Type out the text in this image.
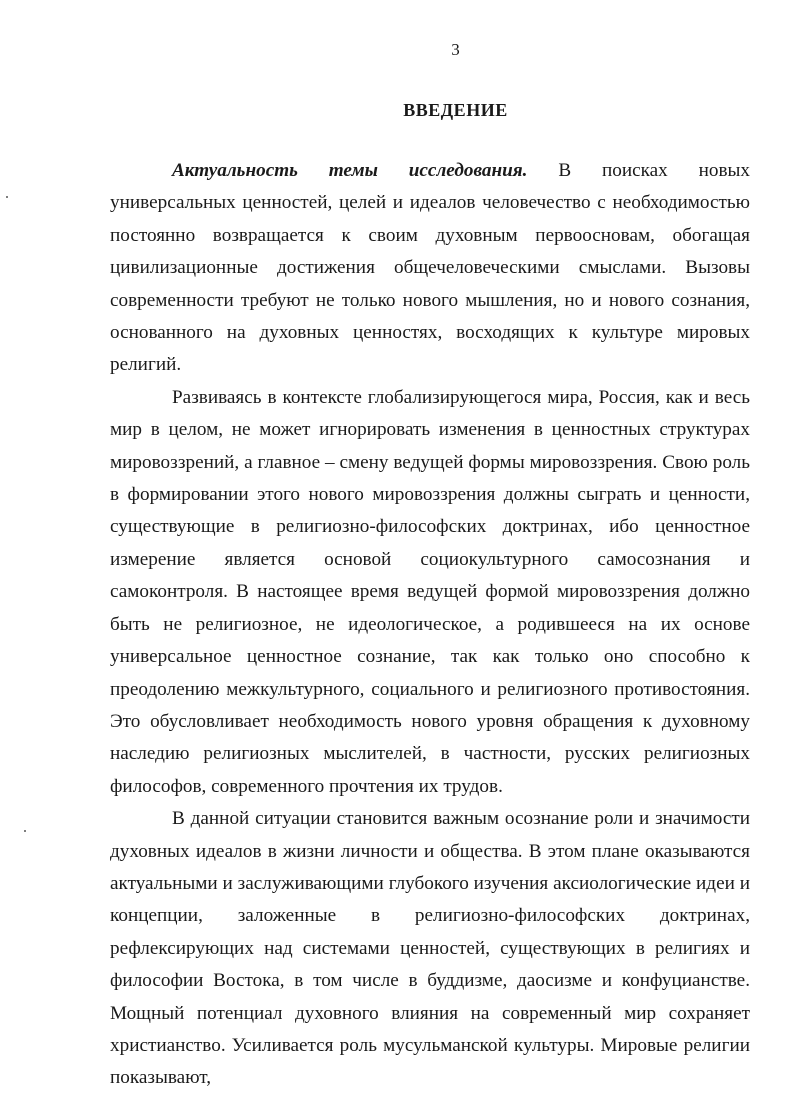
3
ВВЕДЕНИЕ

Актуальность темы исследования. В поисках новых универсальных ценностей, целей и идеалов человечество с необходимостью постоянно возвращается к своим духовным первоосновам, обогащая цивилизационные достижения общечеловеческими смыслами. Вызовы современности требуют не только нового мышления, но и нового сознания, основанного на духовных ценностях, восходящих к культуре мировых религий.

Развиваясь в контексте глобализирующегося мира, Россия, как и весь мир в целом, не может игнорировать изменения в ценностных структурах мировоззрений, а главное – смену ведущей формы мировоззрения. Свою роль в формировании этого нового мировоззрения должны сыграть и ценности, существующие в религиозно-философских доктринах, ибо ценностное измерение является основой социокультурного самосознания и самоконтроля. В настоящее время ведущей формой мировоззрения должно быть не религиозное, не идеологическое, а родившееся на их основе универсальное ценностное сознание, так как только оно способно к преодолению межкультурного, социального и религиозного противостояния. Это обусловливает необходимость нового уровня обращения к духовному наследию религиозных мыслителей, в частности, русских религиозных философов, современного прочтения их трудов.

В данной ситуации становится важным осознание роли и значимости духовных идеалов в жизни личности и общества. В этом плане оказываются актуальными и заслуживающими глубокого изучения аксиологические идеи и концепции, заложенные в религиозно-философских доктринах, рефлексирующих над системами ценностей, существующих в религиях и философии Востока, в том числе в буддизме, даосизме и конфуцианстве. Мощный потенциал духовного влияния на современный мир сохраняет христианство. Усиливается роль мусульманской культуры. Мировые религии показывают,
